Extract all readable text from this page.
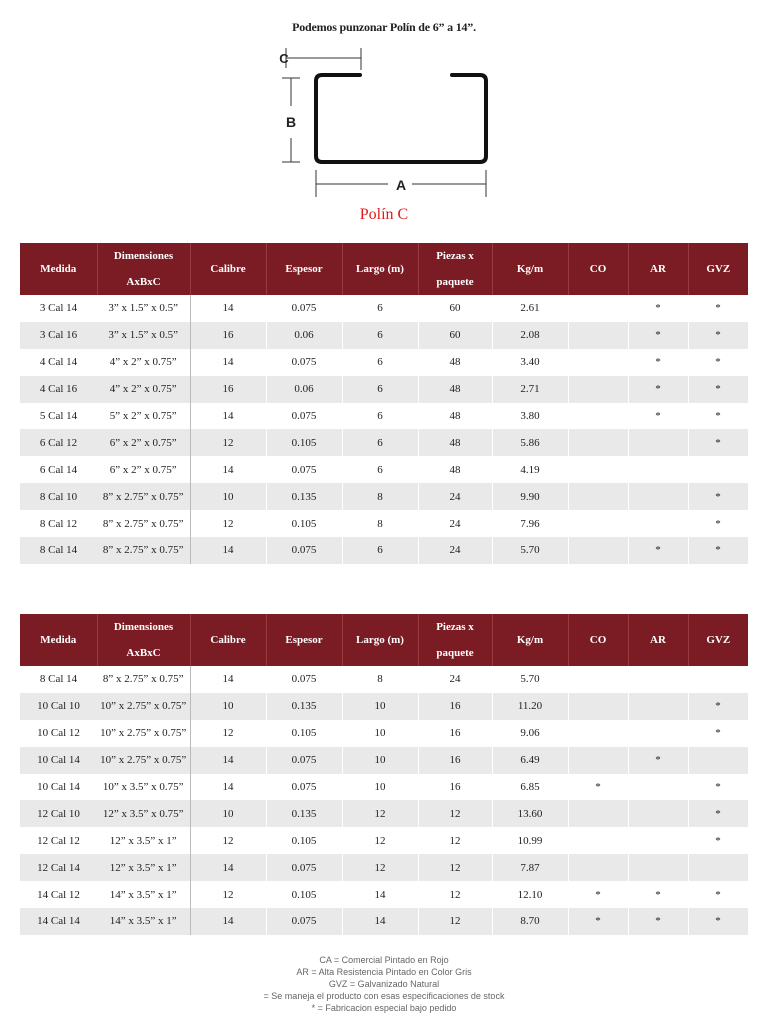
Podemos punzonar Polín de 6” a 14”.
C
B
A
Polín C
Medida	Dimensiones
AxBxC	Calibre	Espesor	Largo (m)	Piezas x
paquete	Kg/m	CO	AR	GVZ
3 Cal 14	3” x 1.5” x 0.5”	14	0.075	6	60	2.61		*	*
3 Cal 16	3” x 1.5” x 0.5”	16	0.06	6	60	2.08		*	*
4 Cal 14	4” x 2” x 0.75”	14	0.075	6	48	3.40		*	*
4 Cal 16	4” x 2” x 0.75”	16	0.06	6	48	2.71		*	*
5 Cal 14	5” x 2” x 0.75”	14	0.075	6	48	3.80		*	*
6 Cal 12	6” x 2” x 0.75”	12	0.105	6	48	5.86			*
6 Cal 14	6” x 2” x 0.75”	14	0.075	6	48	4.19			
8 Cal 10	8” x 2.75” x 0.75”	10	0.135	8	24	9.90			*
8 Cal 12	8” x 2.75” x 0.75”	12	0.105	8	24	7.96			*
8 Cal 14	8” x 2.75” x 0.75”	14	0.075	6	24	5.70		*	*
Medida	Dimensiones
AxBxC	Calibre	Espesor	Largo (m)	Piezas x
paquete	Kg/m	CO	AR	GVZ
8 Cal 14	8” x 2.75” x 0.75”	14	0.075	8	24	5.70			
10 Cal 10	10” x 2.75” x 0.75”	10	0.135	10	16	11.20			*
10 Cal 12	10” x 2.75” x 0.75”	12	0.105	10	16	9.06			*
10 Cal 14	10” x 2.75” x 0.75”	14	0.075	10	16	6.49		*	
10 Cal 14	10” x 3.5” x 0.75”	14	0.075	10	16	6.85	*		*
12 Cal 10	12” x 3.5” x 0.75”	10	0.135	12	12	13.60			*
12 Cal 12	12” x 3.5” x 1”	12	0.105	12	12	10.99			*
12 Cal 14	12” x 3.5” x 1”	14	0.075	12	12	7.87			
14 Cal 12	14” x 3.5” x 1”	12	0.105	14	12	12.10	*	*	*
14 Cal 14	14” x 3.5” x 1”	14	0.075	14	12	8.70	*	*	*
CA = Comercial Pintado en Rojo
AR = Alta Resistencia Pintado en Color Gris
GVZ = Galvanizado Natural
= Se maneja el producto con esas especificaciones de stock
* = Fabricacion especial bajo pedido
